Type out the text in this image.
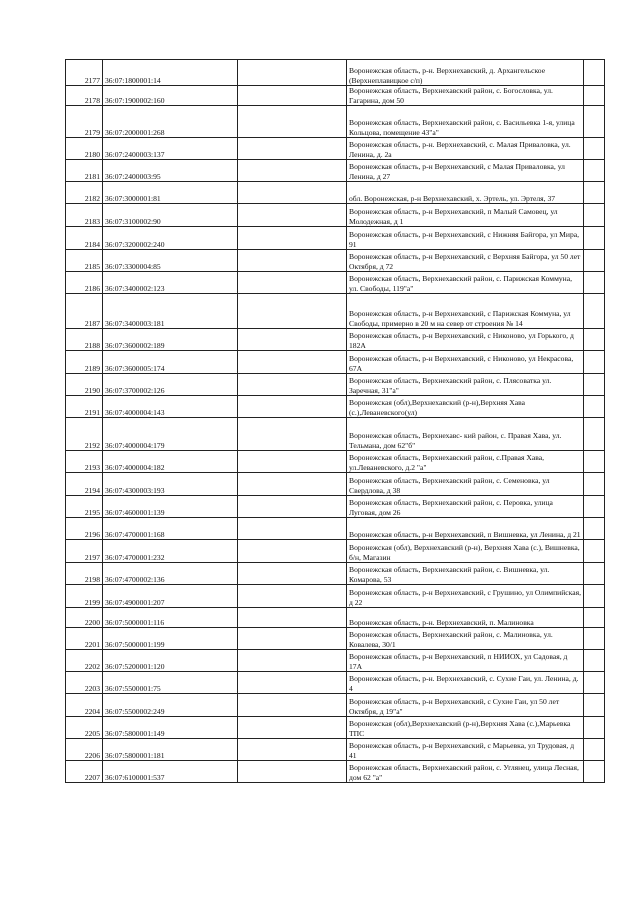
2177	36:07:1800001:14		Воронежская область, р-н. Верхнехавский, д. Архангельское (Верхнеплавицкое с/п)	
2178	36:07:1900002:160		Воронежская область, Верхнехавский район, с. Богословка, ул. Гагарина, дом 50	
2179	36:07:2000001:268		Воронежская область, Верхнехавский район, с. Васильевка 1-я, улица Кольцова, помещение 43"а"	
2180	36:07:2400003:137		Воронежская область, р-н. Верхнехавский, с. Малая Приваловка, ул. Ленина, д. 2а	
2181	36:07:2400003:95		Воронежская область, р-н Верхнехавский, с Малая Приваловка, ул Ленина, д 27	
2182	36:07:3000001:81		обл. Воронежская, р-н Верхнехавский, х. Эртель, ул. Эртеля, 37	
2183	36:07:3100002:90		Воронежская область, р-н Верхнехавский, п Малый Самовец, ул Молодежная, д 1	
2184	36:07:3200002:240		Воронежская область, р-н Верхнехавский, с Нижняя Байгора, ул Мира, 91	
2185	36:07:3300004:85		Воронежская область, р-н Верхнехавский, с Верхняя Байгора, ул 50 лет Октября, д 72	
2186	36:07:3400002:123		Воронежская область, Верхнехавский район, с. Парижская Коммуна, ул. Свободы, 119"а"	
2187	36:07:3400003:181		Воронежская область, р-н Верхнехавский, с Парижская Коммуна, ул Свободы, примерно в 20 м на север от строения № 14	
2188	36:07:3600002:189		Воронежская область, р-н Верхнехавский, с Никоново, ул Горького, д 182А	
2189	36:07:3600005:174		Воронежская область, р-н Верхнехавский, с Никоново, ул Некрасова, 67А	
2190	36:07:3700002:126		Воронежская область, Верхнехавский район, с. Плясоватка ул. Заречная, 31"а"	
2191	36:07:4000004:143		Воронежская (обл),Верхнехавский (р-н),Верхняя Хава (с.),Леваневского(ул)	
2192	36:07:4000004:179		Воронежская область, Верхнехавс- кий район, с. Правая Хава, ул. Тельмана, дом 62"б"	
2193	36:07:4000004:182		Воронежская область, Верхнехавский район, с.Правая Хава, ул.Леваневского, д.2 "а"	
2194	36:07:4300003:193		Воронежская область, Верхнехавский район, с. Семеновка, ул Свердлова, д 38	
2195	36:07:4600001:139		Воронежская область, Верхнехавский район, с. Перовка, улица Луговая, дом 26	
2196	36:07:4700001:168		Воронежская область, р-н Верхнехавский, п Вишневка, ул Ленина, д 21	
2197	36:07:4700001:232		Воронежская (обл), Верхнехавский (р-н), Верхняя Хава (с.), Вишневка, б/н, Магазин	
2198	36:07:4700002:136		Воронежская область, Верхнехавский район, с. Вишневка, ул. Комарова, 53	
2199	36:07:4900001:207		Воронежская область, р-н Верхнехавский, с Грушино, ул Олимпийская, д 22	
2200	36:07:5000001:116		Воронежская область, р-н. Верхнехавский, п. Малиновка	
2201	36:07:5000001:199		Воронежская область, Верхнехавский район, с. Малиновка, ул. Ковалева, 30/1	
2202	36:07:5200001:120		Воронежская область, р-н Верхнехавский, п НИИОХ, ул Садовая, д 17А	
2203	36:07:5500001:75		Воронежская область, р-н. Верхнехавский, с. Сухие Гаи, ул. Ленина, д. 4	
2204	36:07:5500002:249		Воронежская область, р-н Верхнехавский, с Сухие Гаи, ул 50 лет Октября, д 19"а"	
2205	36:07:5800001:149		Воронежская (обл),Верхнехавский (р-н),Верхняя Хава (с.),Марьевка ТПС	
2206	36:07:5800001:181		Воронежская область, р-н Верхнехавский, с Марьевка, ул Трудовая, д 41	
2207	36:07:6100001:537		Воронежская область, Верхнехавский район, с. Углянец, улица Лесная, дом 62 "а"	
